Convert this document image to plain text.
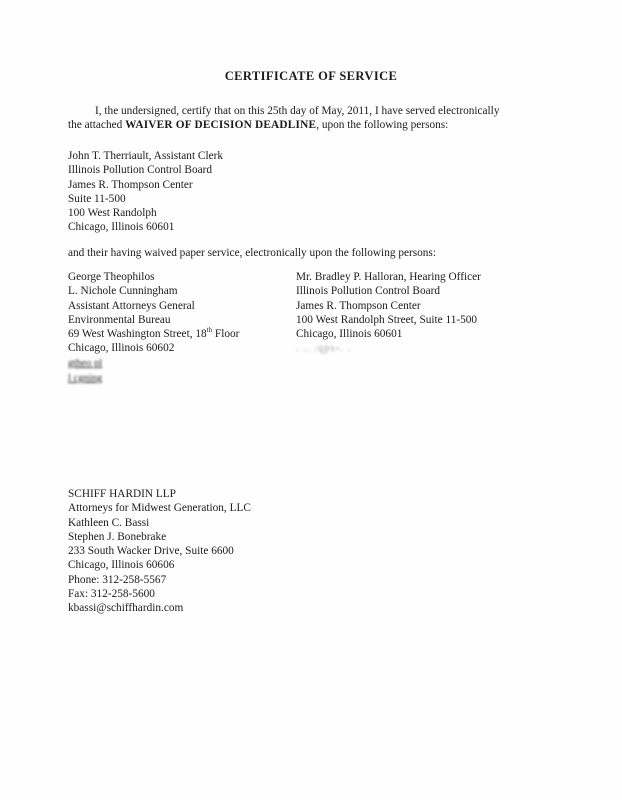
CERTIFICATE OF SERVICE
I, the undersigned, certify that on this 25th day of May, 2011, I have served electronically
the attached WAIVER OF DECISION DEADLINE, upon the following persons:
John T. Therriault, Assistant Clerk
Illinois Pollution Control Board
James R. Thompson Center
Suite 11-500
100 West Randolph
Chicago, Illinois 60601
and their having waived paper service, electronically upon the following persons:
George Theophilos
L. Nichole Cunningham
Assistant Attorneys General
Environmental Bureau
69 West Washington Street, 18th Floor
Chicago, Illinois 60602
gtheo pl
l cgning
Mr. Bradley P. Halloran, Hearing Officer
Illinois Pollution Control Board
James R. Thompson Center
100 West Randolph Street, Suite 11-500
Chicago, Illinois 60601
. .. :qps›. .
SCHIFF HARDIN LLP
Attorneys for Midwest Generation, LLC
Kathleen C. Bassi
Stephen J. Bonebrake
233 South Wacker Drive, Suite 6600
Chicago, Illinois 60606
Phone: 312-258-5567
Fax: 312-258-5600
kbassi@schiffhardin.com
